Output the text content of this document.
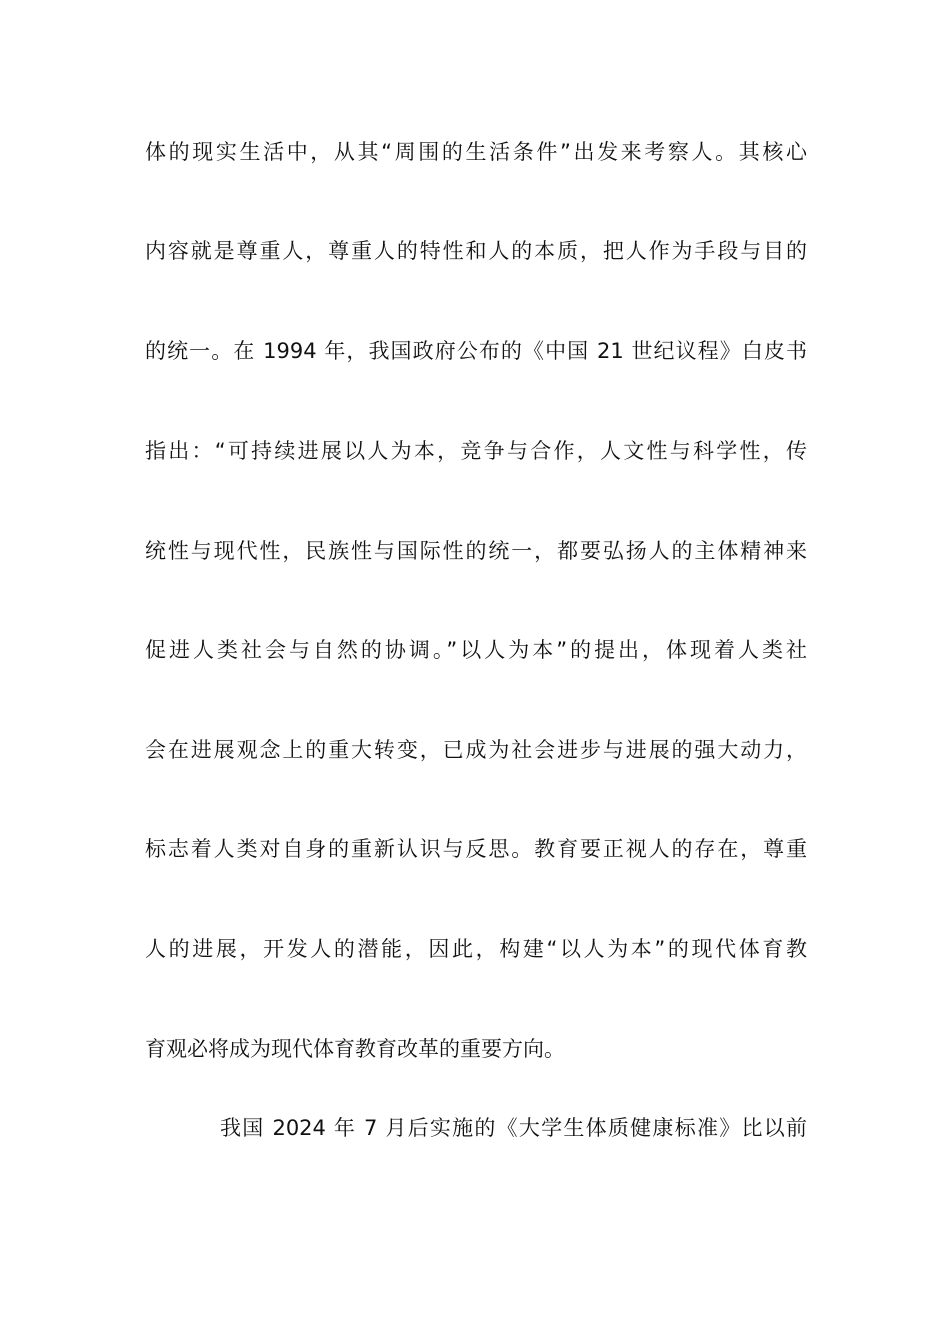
体的现实生活中，从其“周围的生活条件”出发来考察人。其核心
内容就是尊重人，尊重人的特性和人的本质，把人作为手段与目的
的统一。在 1994 年，我国政府公布的《中国 21 世纪议程》白皮书
指出：“可持续进展以人为本，竞争与合作，人文性与科学性，传
统性与现代性，民族性与国际性的统一，都要弘扬人的主体精神来
促进人类社会与自然的协调。”以人为本”的提出，体现着人类社
会在进展观念上的重大转变，已成为社会进步与进展的强大动力，
标志着人类对自身的重新认识与反思。教育要正视人的存在，尊重
人的进展，开发人的潜能，因此，构建“以人为本”的现代体育教
育观必将成为现代体育教育改革的重要方向。
我国 2024 年 7 月后实施的《大学生体质健康标准》比以前
